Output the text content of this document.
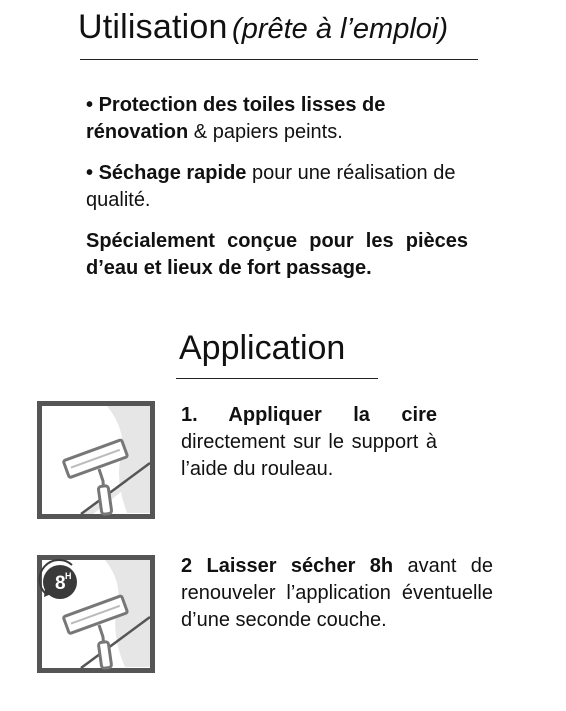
Utilisation (prête à l’emploi)
• Protection des toiles lisses de rénovation & papiers peints.
• Séchage rapide pour une réalisation de qualité.
Spécialement conçue pour les pièces d’eau et lieux de fort passage.
Application
1. Appliquer la cire directement sur le support à l’aide du rouleau.
8 H	2 Laisser sécher 8h avant de renouveler l’application éventuelle d’une seconde couche.
